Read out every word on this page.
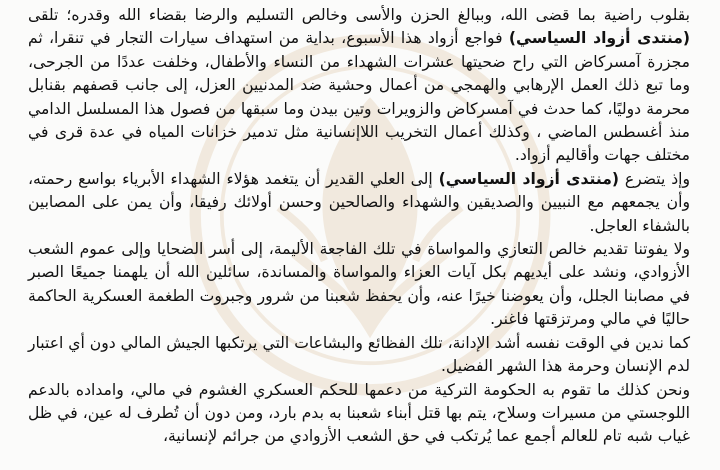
بقلوب راضية بما قضى الله، وببالغ الحزن والأسى وخالص التسليم والرضا بقضاء الله وقدره؛ تلقى (منتدى أزواد السياسي) فواجع أزواد هذا الأسبوع، بداية من استهداف سيارات التجار في تنقرا، ثم مجزرة آمسركاض التي راح ضحيتها عشرات الشهداء من النساء والأطفال، وخلفت عددًا من الجرحى، وما تبع ذلك العمل الإرهابي والهمجي من أعمال وحشية ضد المدنيين العزل، إلى جانب قصفهم بقنابل محرمة دوليًا، كما حدث في آمسركاض والزويرات وتين بيدن وما سبقها من فصول هذا المسلسل الدامي منذ أغسطس الماضي ، وكذلك أعمال التخريب اللاإنسانية مثل تدمير خزانات المياه في عدة قرى في مختلف جهات وأقاليم أزواد.

وإذ يتضرع (منتدى أزواد السياسي) إلى العلي القدير أن يتغمد هؤلاء الشهداء الأبرياء بواسع رحمته، وأن يجمعهم مع النبيين والصديقين والشهداء والصالحين وحسن أولائك رفيقا، وأن يمن على المصابين بالشفاء العاجل.

ولا يفوتنا تقديم خالص التعازي والمواساة في تلك الفاجعة الأليمة، إلى أسر الضحايا وإلى عموم الشعب الأزوادي، ونشد على أيديهم بكل آيات العزاء والمواساة والمساندة، سائلين الله أن يلهمنا جميعًا الصبر في مصابنا الجلل، وأن يعوضنا خيرًا عنه، وأن يحفظ شعبنا من شرور وجبروت الطغمة العسكرية الحاكمة حاليًا في مالي ومرتزقتها فاغنر.

كما ندين في الوقت نفسه أشد الإدانة، تلك الفظائع والبشاعات التي يرتكبها الجيش المالي دون أي اعتبار لدم الإنسان وحرمة هذا الشهر الفضيل.

ونحن كذلك ما تقوم به الحكومة التركية من دعمها للحكم العسكري الغشوم في مالي، وامداده بالدعم اللوجستي من مسيرات وسلاح، يتم بها قتل أبناء شعبنا به بدم بارد، ومن دون أن تُطرف له عين، في ظل غياب شبه تام للعالم أجمع عما يُرتكب في حق الشعب الأزوادي من جرائم لإنسانية،
